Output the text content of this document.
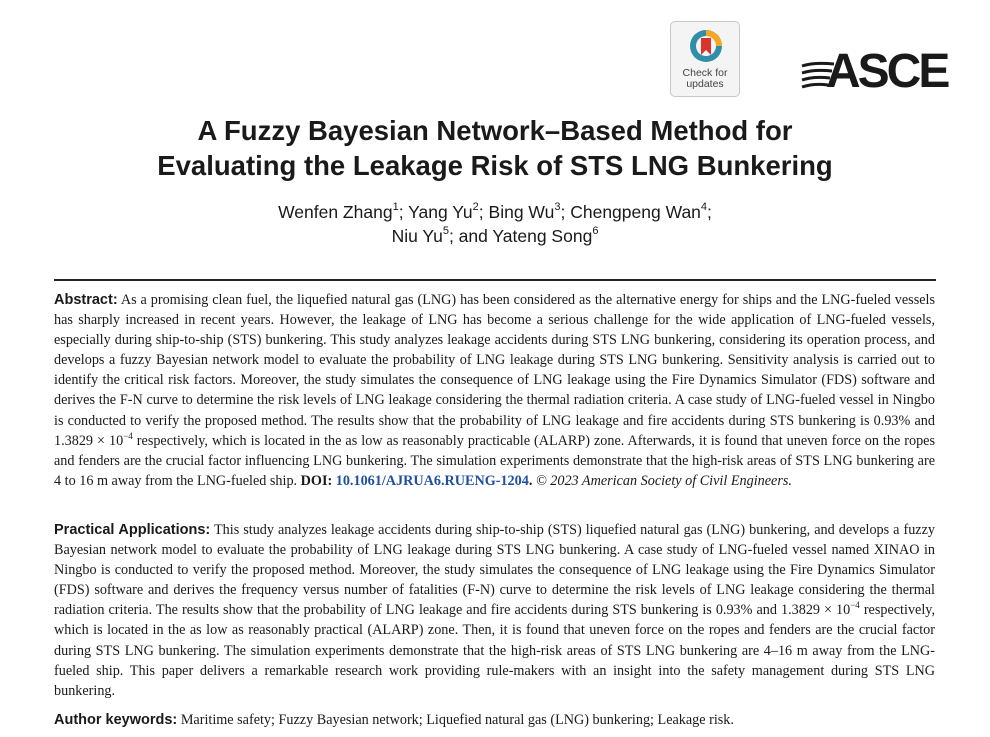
Check for
updates	ASCE
A Fuzzy Bayesian Network–Based Method for
Evaluating the Leakage Risk of STS LNG Bunkering
Wenfen Zhang$^1$; Yang Yu$^2$; Bing Wu$^3$; Chengpeng Wan$^4$;
Niu Yu$^5$; and Yateng Song$^6$

Abstract: As a promising clean fuel, the liquefied natural gas (LNG) has been considered as the alternative energy for ships and the LNG-fueled vessels has sharply increased in recent years. However, the leakage of LNG has become a serious challenge for the wide application of LNG-fueled vessels, especially during ship-to-ship (STS) bunkering. This study analyzes leakage accidents during STS LNG bunkering, considering its operation process, and develops a fuzzy Bayesian network model to evaluate the probability of LNG leakage during STS LNG bunkering. Sensitivity analysis is carried out to identify the critical risk factors. Moreover, the study simulates the consequence of LNG leakage using the Fire Dynamics Simulator (FDS) software and derives the F-N curve to determine the risk levels of LNG leakage considering the thermal radiation criteria. A case study of LNG-fueled vessel in Ningbo is conducted to verify the proposed method. The results show that the probability of LNG leakage and fire accidents during STS bunkering is 0.93% and $1.3829 \times 10^{-4}$ respectively, which is located in the as low as reasonably practicable (ALARP) zone. Afterwards, it is found that uneven force on the ropes and fenders are the crucial factor influencing LNG bunkering. The simulation experiments demonstrate that the high-risk areas of STS LNG bunkering are 4 to 16 m away from the LNG-fueled ship. DOI: 10.1061/AJRUA6.RUENG-1204. © 2023 American Society of Civil Engineers.

Practical Applications: This study analyzes leakage accidents during ship-to-ship (STS) liquefied natural gas (LNG) bunkering, and develops a fuzzy Bayesian network model to evaluate the probability of LNG leakage during STS LNG bunkering. A case study of LNG-fueled vessel named XINAO in Ningbo is conducted to verify the proposed method. Moreover, the study simulates the consequence of LNG leakage using the Fire Dynamics Simulator (FDS) software and derives the frequency versus number of fatalities (F-N) curve to determine the risk levels of LNG leakage considering the thermal radiation criteria. The results show that the probability of LNG leakage and fire accidents during STS bunkering is 0.93% and $1.3829 \times 10^{-4}$ respectively, which is located in the as low as reasonably practical (ALARP) zone. Then, it is found that uneven force on the ropes and fenders are the crucial factor during STS LNG bunkering. The simulation experiments demonstrate that the high-risk areas of STS LNG bunkering are 4–16 m away from the LNG-fueled ship. This paper delivers a remarkable research work providing rule-makers with an insight into the safety management during STS LNG bunkering.

Author keywords: Maritime safety; Fuzzy Bayesian network; Liquefied natural gas (LNG) bunkering; Leakage risk.
